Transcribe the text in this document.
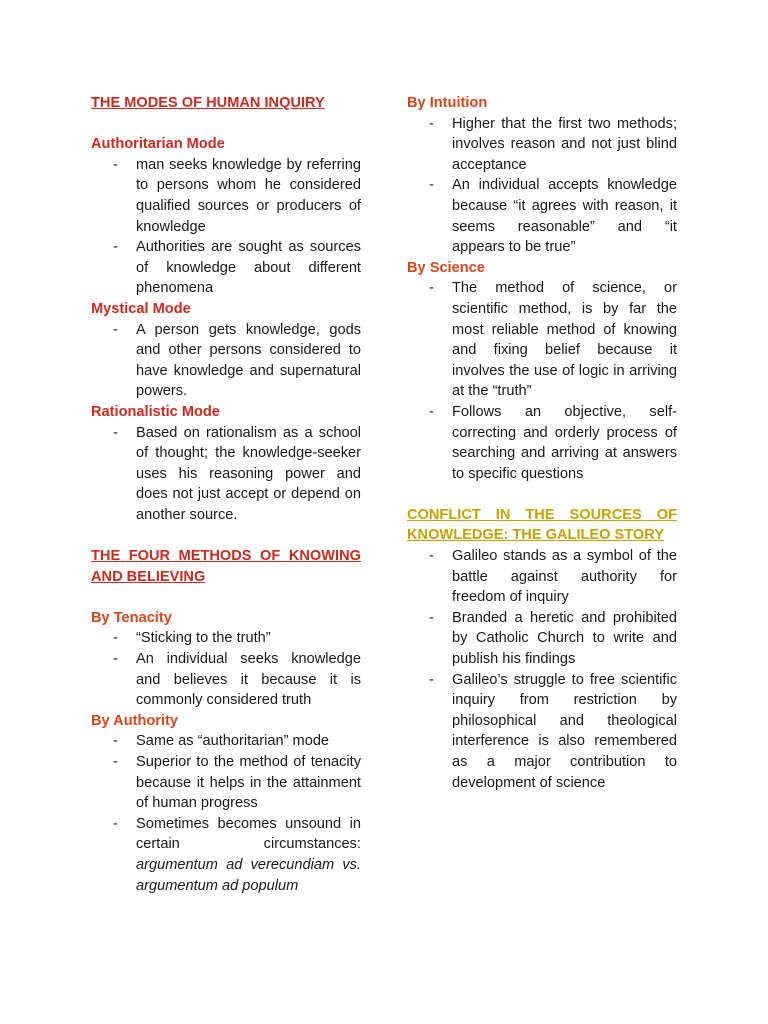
THE MODES OF HUMAN INQUIRY
Authoritarian Mode
- man seeks knowledge by referring to persons whom he considered qualified sources or producers of knowledge
- Authorities are sought as sources of knowledge about different phenomena
Mystical Mode
- A person gets knowledge, gods and other persons considered to have knowledge and supernatural powers.
Rationalistic Mode
- Based on rationalism as a school of thought; the knowledge-seeker uses his reasoning power and does not just accept or depend on another source.
THE FOUR METHODS OF KNOWING AND BELIEVING
By Tenacity
- “Sticking to the truth”
- An individual seeks knowledge and believes it because it is commonly considered truth
By Authority
- Same as “authoritarian” mode
- Superior to the method of tenacity because it helps in the attainment of human progress
- Sometimes becomes unsound in certain circumstances: argumentum ad verecundiam vs. argumentum ad populum
By Intuition
- Higher that the first two methods; involves reason and not just blind acceptance
- An individual accepts knowledge because “it agrees with reason, it seems reasonable” and “it appears to be true”
By Science
- The method of science, or scientific method, is by far the most reliable method of knowing and fixing belief because it involves the use of logic in arriving at the “truth”
- Follows an objective, self-correcting and orderly process of searching and arriving at answers to specific questions
CONFLICT IN THE SOURCES OF KNOWLEDGE: THE GALILEO STORY
- Galileo stands as a symbol of the battle against authority for freedom of inquiry
- Branded a heretic and prohibited by Catholic Church to write and publish his findings
- Galileo’s struggle to free scientific inquiry from restriction by philosophical and theological interference is also remembered as a major contribution to development of science
